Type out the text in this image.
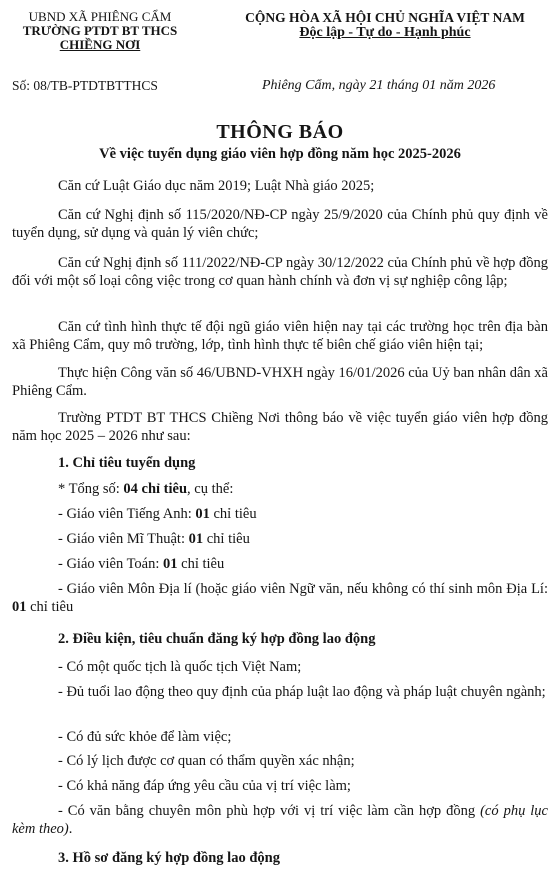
UBND XÃ PHIÊNG CẨM
TRƯỜNG PTDT BT THCS
CHIỀNG NƠI
CỘNG HÒA XÃ HỘI CHỦ NGHĨA VIỆT NAM
Độc lập - Tự do - Hạnh phúc
Số: 08/TB-PTDTBTTHCS	Phiêng Cẩm, ngày 21 tháng 01 năm 2026
THÔNG BÁO
Về việc tuyển dụng giáo viên hợp đồng năm học 2025-2026
Căn cứ Luật Giáo dục năm 2019; Luật Nhà giáo 2025;
Căn cứ Nghị định số 115/2020/NĐ-CP ngày 25/9/2020 của Chính phủ quy định về tuyển dụng, sử dụng và quản lý viên chức;
Căn cứ Nghị định số 111/2022/NĐ-CP ngày 30/12/2022 của Chính phủ về hợp đồng đối với một số loại công việc trong cơ quan hành chính và đơn vị sự nghiệp công lập;
Căn cứ tình hình thực tế đội ngũ giáo viên hiện nay tại các trường học trên địa bàn xã Phiêng Cẩm, quy mô trường, lớp, tình hình thực tế biên chế giáo viên hiện tại;
Thực hiện Công văn số 46/UBND-VHXH ngày 16/01/2026 của Uỷ ban nhân dân xã Phiêng Cẩm.
Trường PTDT BT THCS Chiềng Nơi thông báo về việc tuyển giáo viên hợp đồng năm học 2025 – 2026 như sau:
1. Chỉ tiêu tuyển dụng
* Tổng số: 04 chỉ tiêu, cụ thể:
- Giáo viên Tiếng Anh: 01 chỉ tiêu
- Giáo viên Mĩ Thuật: 01 chỉ tiêu
- Giáo viên Toán: 01 chỉ tiêu
- Giáo viên Môn Địa lí (hoặc giáo viên Ngữ văn, nếu không có thí sinh môn Địa Lí: 01 chỉ tiêu
2. Điều kiện, tiêu chuẩn đăng ký hợp đồng lao động
- Có một quốc tịch là quốc tịch Việt Nam;
- Đủ tuổi lao động theo quy định của pháp luật lao động và pháp luật chuyên ngành;
- Có đủ sức khỏe để làm việc;
- Có lý lịch được cơ quan có thẩm quyền xác nhận;
- Có khả năng đáp ứng yêu cầu của vị trí việc làm;
- Có văn bằng chuyên môn phù hợp với vị trí việc làm cần hợp đồng (có phụ lục kèm theo).
3. Hồ sơ đăng ký hợp đồng lao động
